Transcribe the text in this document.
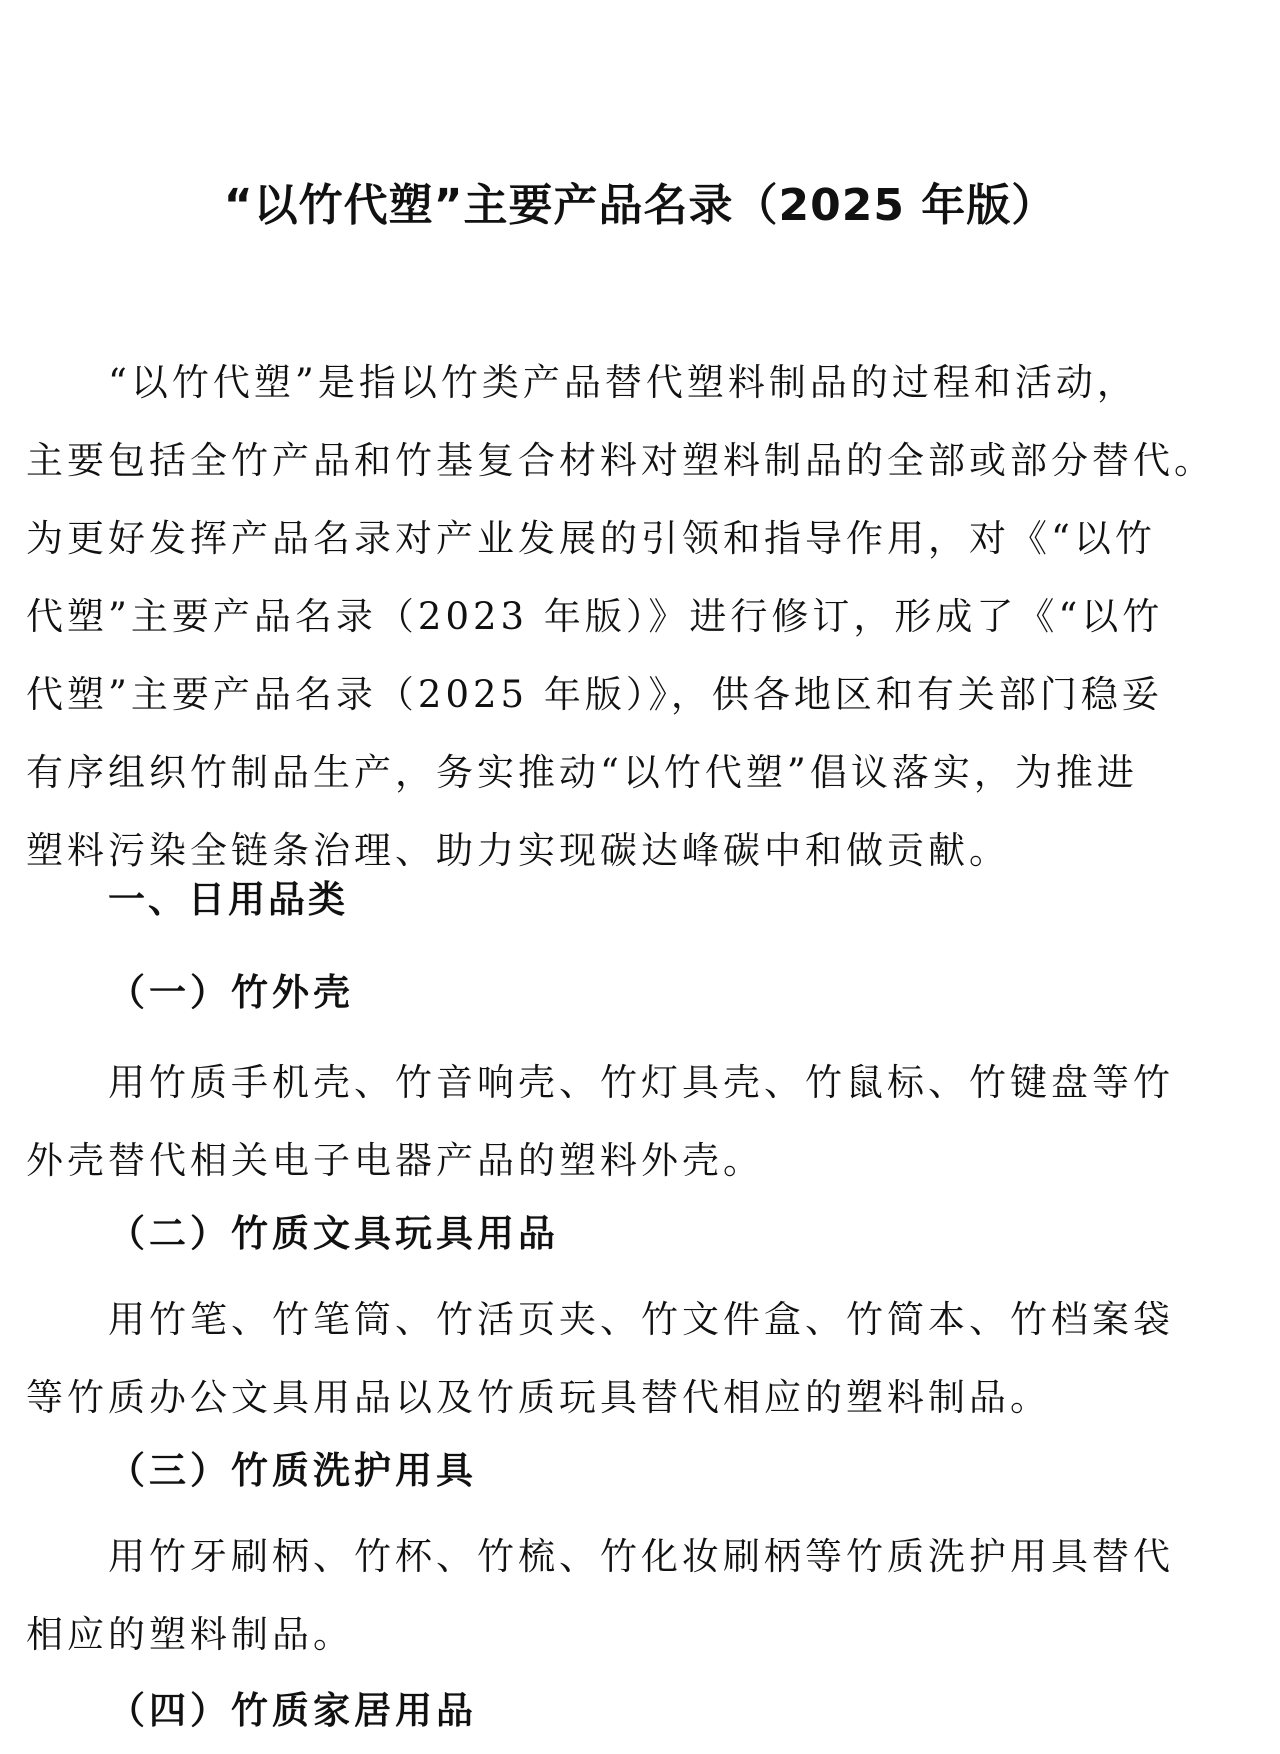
“以竹代塑”主要产品名录（2025 年版）

“以竹代塑”是指以竹类产品替代塑料制品的过程和活动，
主要包括全竹产品和竹基复合材料对塑料制品的全部或部分替代。
为更好发挥产品名录对产业发展的引领和指导作用，对《“以竹
代塑”主要产品名录（2023 年版）》进行修订，形成了《“以竹
代塑”主要产品名录（2025 年版）》，供各地区和有关部门稳妥
有序组织竹制品生产，务实推动“以竹代塑”倡议落实，为推进
塑料污染全链条治理、助力实现碳达峰碳中和做贡献。

一、日用品类
（一）竹外壳

用竹质手机壳、竹音响壳、竹灯具壳、竹鼠标、竹键盘等竹
外壳替代相关电子电器产品的塑料外壳。

（二）竹质文具玩具用品

用竹笔、竹笔筒、竹活页夹、竹文件盒、竹简本、竹档案袋
等竹质办公文具用品以及竹质玩具替代相应的塑料制品。

（三）竹质洗护用具

用竹牙刷柄、竹杯、竹梳、竹化妆刷柄等竹质洗护用具替代
相应的塑料制品。

（四）竹质家居用品
